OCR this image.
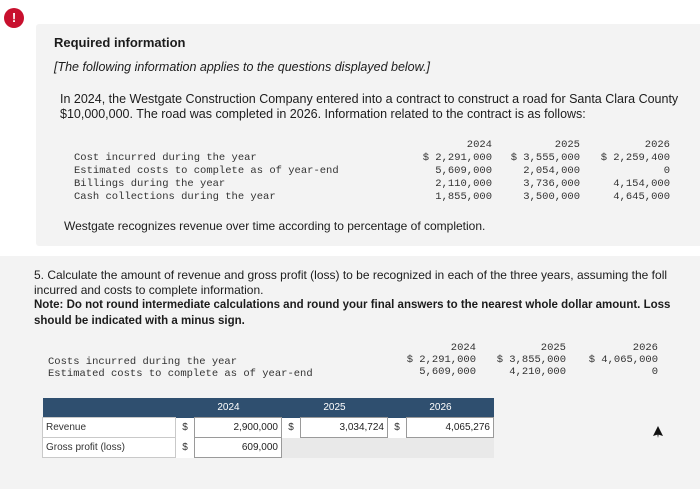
!
Required information
[The following information applies to the questions displayed below.]
In 2024, the Westgate Construction Company entered into a contract to construct a road for Santa Clara County
$10,000,000. The road was completed in 2026. Information related to the contract is as follows:
2024	2025	2026
Cost incurred during the year	$ 2,291,000	$ 3,555,000	$ 2,259,400
Estimated costs to complete as of year-end	5,609,000	2,054,000	0
Billings during the year	2,110,000	3,736,000	4,154,000
Cash collections during the year	1,855,000	3,500,000	4,645,000
Westgate recognizes revenue over time according to percentage of completion.
5. Calculate the amount of revenue and gross profit (loss) to be recognized in each of the three years, assuming the foll
incurred and costs to complete information.
Note: Do not round intermediate calculations and round your final answers to the nearest whole dollar amount. Loss
should be indicated with a minus sign.
2024	2025	2026
Costs incurred during the year	$ 2,291,000	$ 3,855,000	$ 4,065,000
Estimated costs to complete as of year-end	5,609,000	4,210,000	0
	2024		2025		2026	
Revenue	$	2,900,000	$	3,034,724	$	4,065,276
Gross profit (loss)	$	609,000				
